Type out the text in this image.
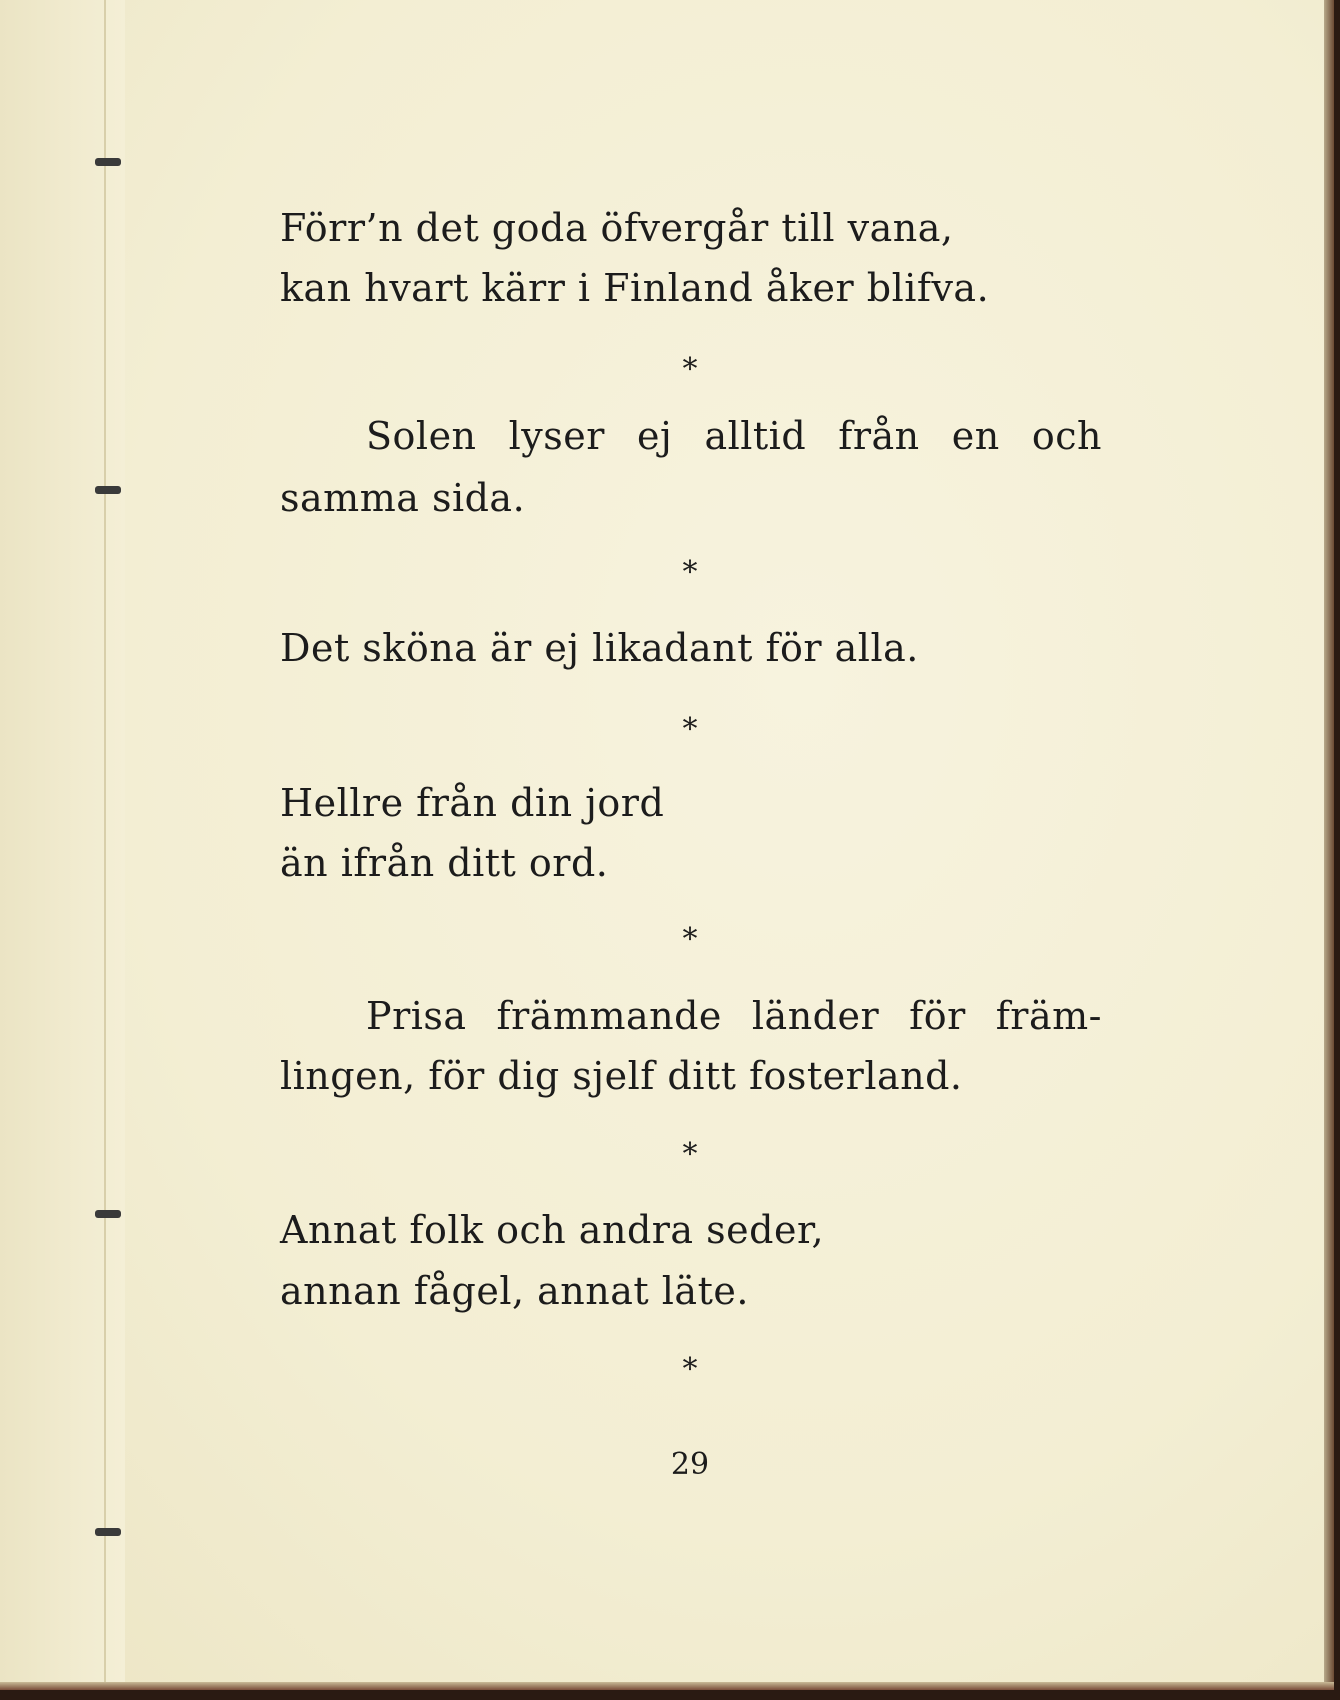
Förr’n det goda öfvergår till vana,
kan hvart kärr i Finland åker blifva.
*
Solen lyser ej alltid från en och
samma sida.
*
Det sköna är ej likadant för alla.
*
Hellre från din jord
än ifrån ditt ord.
*
Prisa främmande länder för främ-
lingen, för dig sjelf ditt fosterland.
*
Annat folk och andra seder,
annan fågel, annat läte.
*
29
